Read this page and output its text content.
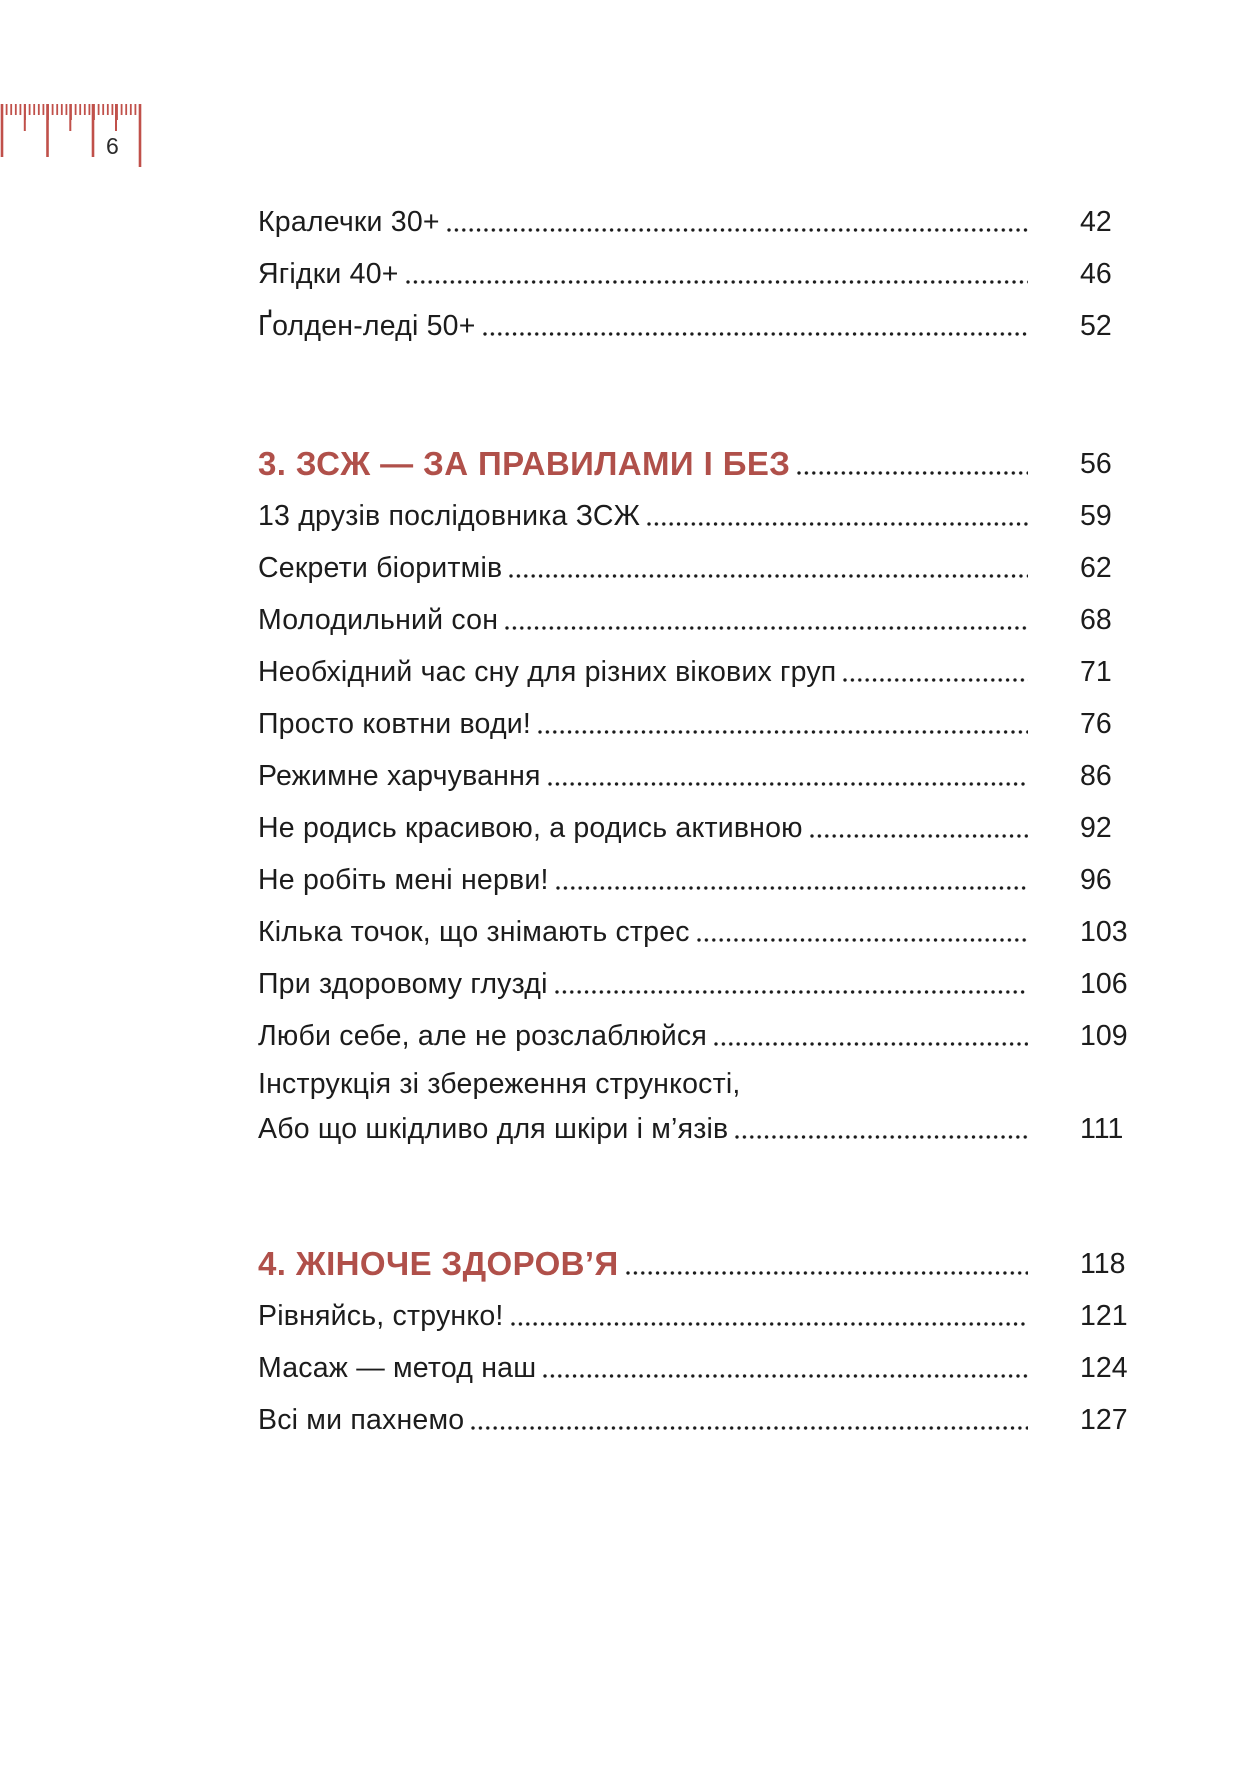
6
Кралечки 30+	42
Ягідки 40+	46
Ґолден-леді 50+	52
3. ЗСЖ — ЗА ПРАВИЛАМИ І БЕЗ	56
13 друзів послідовника ЗСЖ	59
Секрети біоритмів	62
Молодильний сон	68
Необхідний час сну для різних вікових груп	71
Просто ковтни води!	76
Режимне харчування	86
Не родись красивою, а родись активною	92
Не робіть мені нерви!	96
Кілька точок, що знімають стрес	103
При здоровому глузді	106
Люби себе, але не розслаблюйся	109
Інструкція зі збереження стрункості,
Або що шкідливо для шкіри і м’язів	111
4. ЖІНОЧЕ ЗДОРОВ’Я	118
Рівняйсь, струнко!	121
Масаж — метод наш	124
Всі ми пахнемо	127
